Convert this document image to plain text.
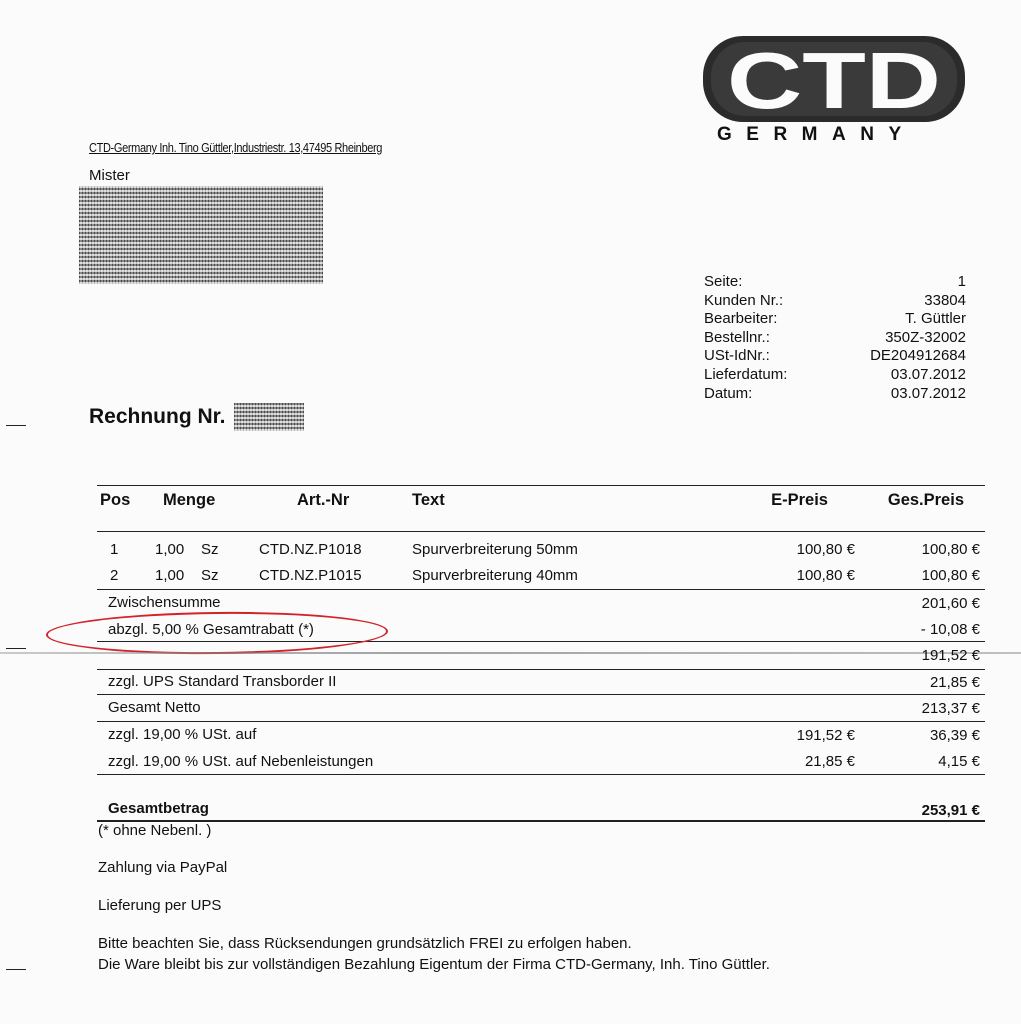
CTD
GERMANY
CTD-Germany Inh. Tino Güttler,Industriestr. 13,47495 Rheinberg
Mister
Seite:	1
Kunden Nr.:	33804
Bearbeiter:	T. Güttler
Bestellnr.:	350Z-32002
USt-IdNr.:	DE204912684
Lieferdatum:	03.07.2012
Datum:	03.07.2012
Rechnung Nr.
Pos Menge	Art.-Nr	Text	E-Preis	Ges.Preis
1 1,00 Sz	CTD.NZ.P1018	Spurverbreiterung 50mm	100,80 €	100,80 €
2 1,00 Sz	CTD.NZ.P1015	Spurverbreiterung 40mm	100,80 €	100,80 €
Zwischensumme	201,60 €
abzgl. 5,00 % Gesamtrabatt (*)	- 10,08 €
191,52 €
zzgl. UPS Standard Transborder II	21,85 €
Gesamt Netto	213,37 €
zzgl. 19,00 % USt. auf	191,52 €	36,39 €
zzgl. 19,00 % USt. auf Nebenleistungen	21,85 €	4,15 €
Gesamtbetrag	253,91 €
(* ohne Nebenl. )
Zahlung via PayPal
Lieferung per UPS
Bitte beachten Sie, dass Rücksendungen grundsätzlich FREI zu erfolgen haben.
Die Ware bleibt bis zur vollständigen Bezahlung Eigentum der Firma CTD-Germany, Inh. Tino Güttler.
